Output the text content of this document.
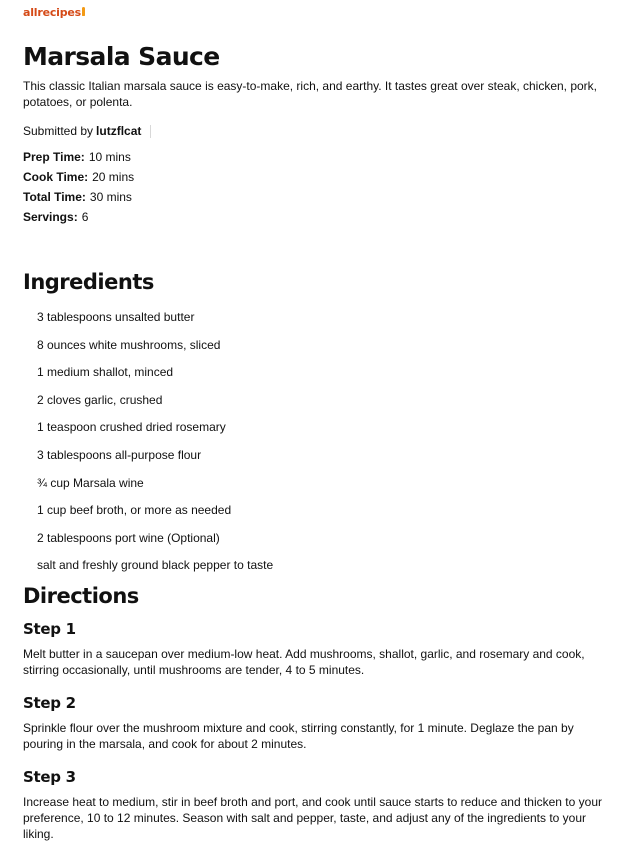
allrecipes
Marsala Sauce

This classic Italian marsala sauce is easy-to-make, rich, and earthy. It tastes great over steak, chicken, pork, potatoes, or polenta.

Submitted by lutzflcat
Prep Time: 10 mins
Cook Time: 20 mins
Total Time: 30 mins
Servings: 6
Ingredients
3 tablespoons unsalted butter
8 ounces white mushrooms, sliced
1 medium shallot, minced
2 cloves garlic, crushed
1 teaspoon crushed dried rosemary
3 tablespoons all-purpose flour
¾ cup Marsala wine
1 cup beef broth, or more as needed
2 tablespoons port wine (Optional)
salt and freshly ground black pepper to taste
Directions
Step 1

Melt butter in a saucepan over medium-low heat. Add mushrooms, shallot, garlic, and rosemary and cook, stirring occasionally, until mushrooms are tender, 4 to 5 minutes.

Step 2

Sprinkle flour over the mushroom mixture and cook, stirring constantly, for 1 minute. Deglaze the pan by pouring in the marsala, and cook for about 2 minutes.

Step 3

Increase heat to medium, stir in beef broth and port, and cook until sauce starts to reduce and thicken to your preference, 10 to 12 minutes. Season with salt and pepper, taste, and adjust any of the ingredients to your liking.
